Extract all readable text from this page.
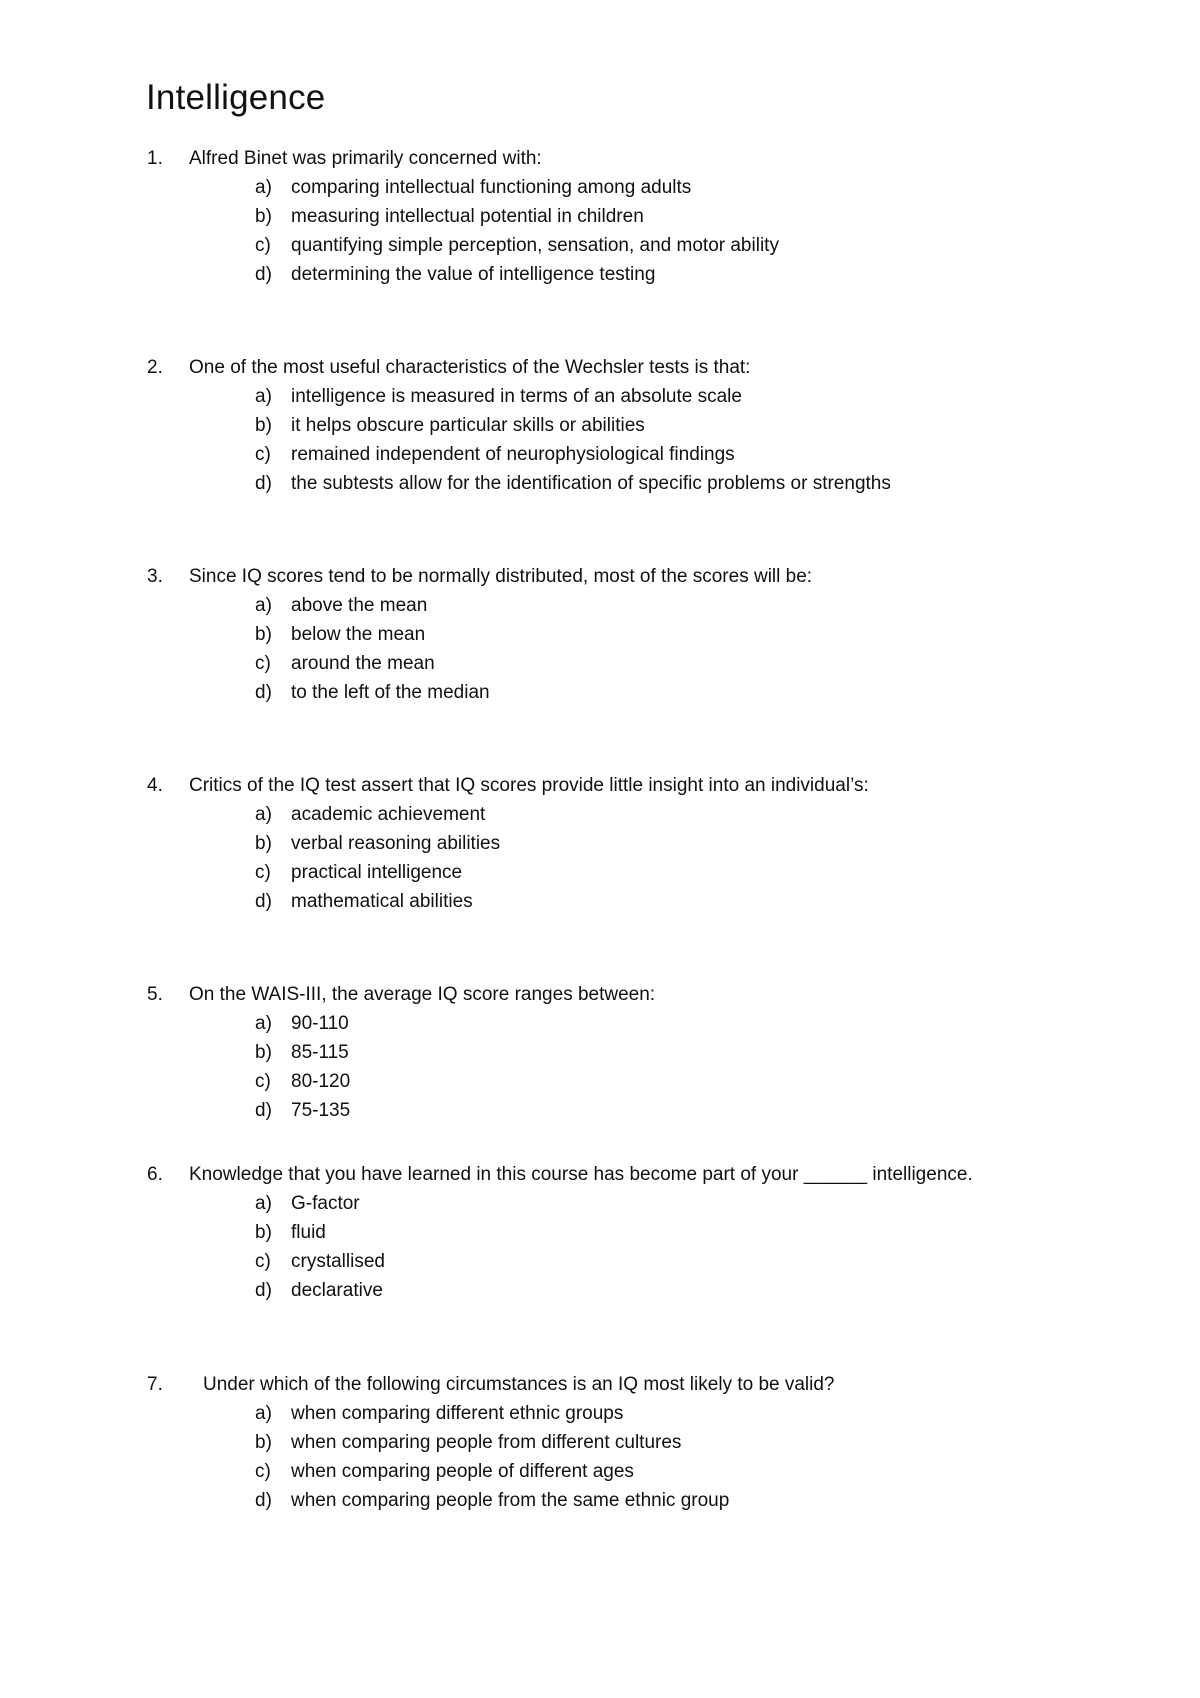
Intelligence
1. Alfred Binet was primarily concerned with:
a) comparing intellectual functioning among adults
b) measuring intellectual potential in children
c) quantifying simple perception, sensation, and motor ability
d) determining the value of intelligence testing
2. One of the most useful characteristics of the Wechsler tests is that:
a) intelligence is measured in terms of an absolute scale
b) it helps obscure particular skills or abilities
c) remained independent of neurophysiological findings
d) the subtests allow for the identification of specific problems or strengths
3. Since IQ scores tend to be normally distributed, most of the scores will be:
a) above the mean
b) below the mean
c) around the mean
d) to the left of the median
4. Critics of the IQ test assert that IQ scores provide little insight into an individual’s:
a) academic achievement
b) verbal reasoning abilities
c) practical intelligence
d) mathematical abilities
5. On the WAIS-III, the average IQ score ranges between:
a) 90-110
b) 85-115
c) 80-120
d) 75-135
6. Knowledge that you have learned in this course has become part of your ______ intelligence.
a) G-factor
b) fluid
c) crystallised
d) declarative
7. Under which of the following circumstances is an IQ most likely to be valid?
a) when comparing different ethnic groups
b) when comparing people from different cultures
c) when comparing people of different ages
d) when comparing people from the same ethnic group
